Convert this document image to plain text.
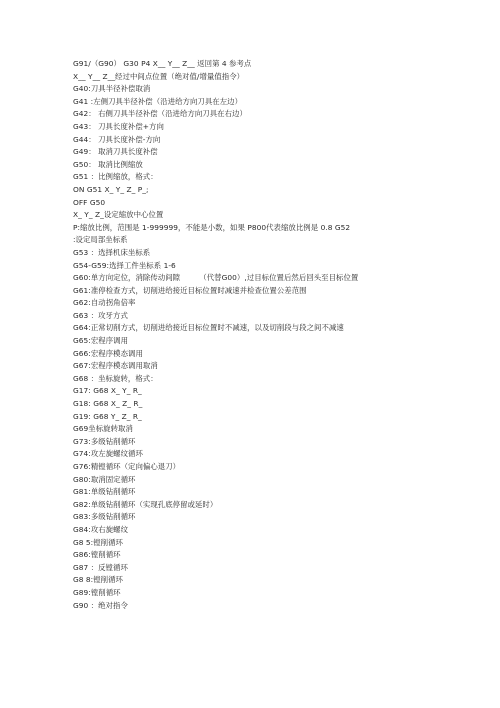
G91/（G90） G30 P4 X__ Y__ Z__ 返回第 4 参考点
X__ Y__ Z__经过中间点位置（绝对值/增量值指令）
G40:刀具半径补偿取消
G41 :左侧刀具半径补偿（沿进给方向刀具在左边）
G42： 右侧刀具半径补偿（沿进给方向刀具在右边）
G43： 刀具长度补偿+方向
G44： 刀具长度补偿-方向
G49： 取消刀具长度补偿
G50： 取消比例缩放
G51 ：比例缩放，格式：
ON G51 X_ Y_ Z_ P_;
OFF G50
X_ Y_ Z_设定缩放中心位置
P:缩放比例，范围是 1-999999，不能是小数，如果 P800代表缩放比例是 0.8 G52
:设定局部坐标系
G53 ：选择机床坐标系
G54-G59:选择工件坐标系 1-6
G60:单方向定位，消除传动间隙        （代替G00）,过目标位置后然后回头至目标位置
G61:准停检查方式，切削进给接近目标位置时减速并检查位置公差范围
G62:自动拐角倍率
G63 ：攻牙方式
G64:正常切削方式，切削进给接近目标位置时不减速，以及切削段与段之间不减速
G65:宏程序调用
G66:宏程序模态调用
G67:宏程序模态调用取消
G68 ：坐标旋转，格式：
G17: G68 X_ Y_ R_
G18: G68 X_ Z_ R_
G19: G68 Y_ Z_ R_
G69坐标旋转取消
G73:多级钻削循环
G74:攻左旋螺纹循环
G76:精镗循环（定向偏心退刀）
G80:取消固定循环
G81:单级钻削循环
G82:单级钻削循环（实现孔底停留或延时）
G83:多级钻削循环
G84:攻右旋螺纹
G8 5:镗削循环
G86:镗削循环
G87 ：反镗循环
G8 8:镗削循环
G89:镗削循环
G90 ：绝对指令
